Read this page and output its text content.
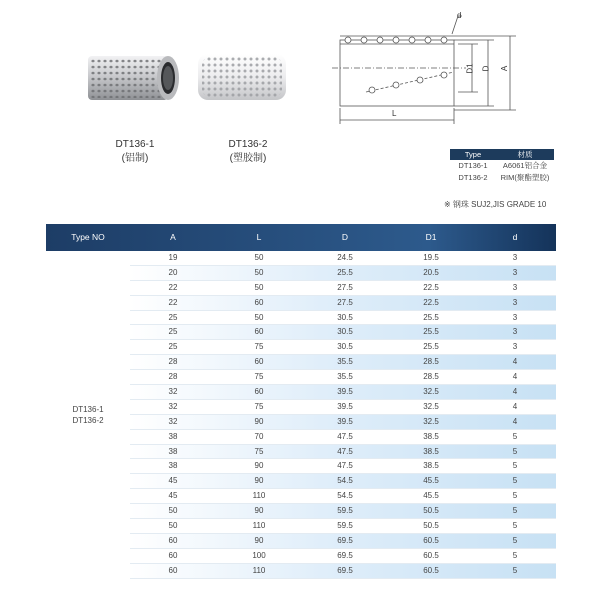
DT136-1
(铝制)
DT136-2
(塑胶制)
d
D1 D A
L
Type	材质
DT136-1	A6061铝合金
DT136-2	RIM(聚酯塑胶)
※ 钢珠 SUJ2,JIS GRADE 10
Type NO	A	L	D	D1	d
DT136-1
DT136-2
19	50	24.5	19.5	3
20	50	25.5	20.5	3
22	50	27.5	22.5	3
22	60	27.5	22.5	3
25	50	30.5	25.5	3
25	60	30.5	25.5	3
25	75	30.5	25.5	3
28	60	35.5	28.5	4
28	75	35.5	28.5	4
32	60	39.5	32.5	4
32	75	39.5	32.5	4
32	90	39.5	32.5	4
38	70	47.5	38.5	5
38	75	47.5	38.5	5
38	90	47.5	38.5	5
45	90	54.5	45.5	5
45	110	54.5	45.5	5
50	90	59.5	50.5	5
50	110	59.5	50.5	5
60	90	69.5	60.5	5
60	100	69.5	60.5	5
60	110	69.5	60.5	5
